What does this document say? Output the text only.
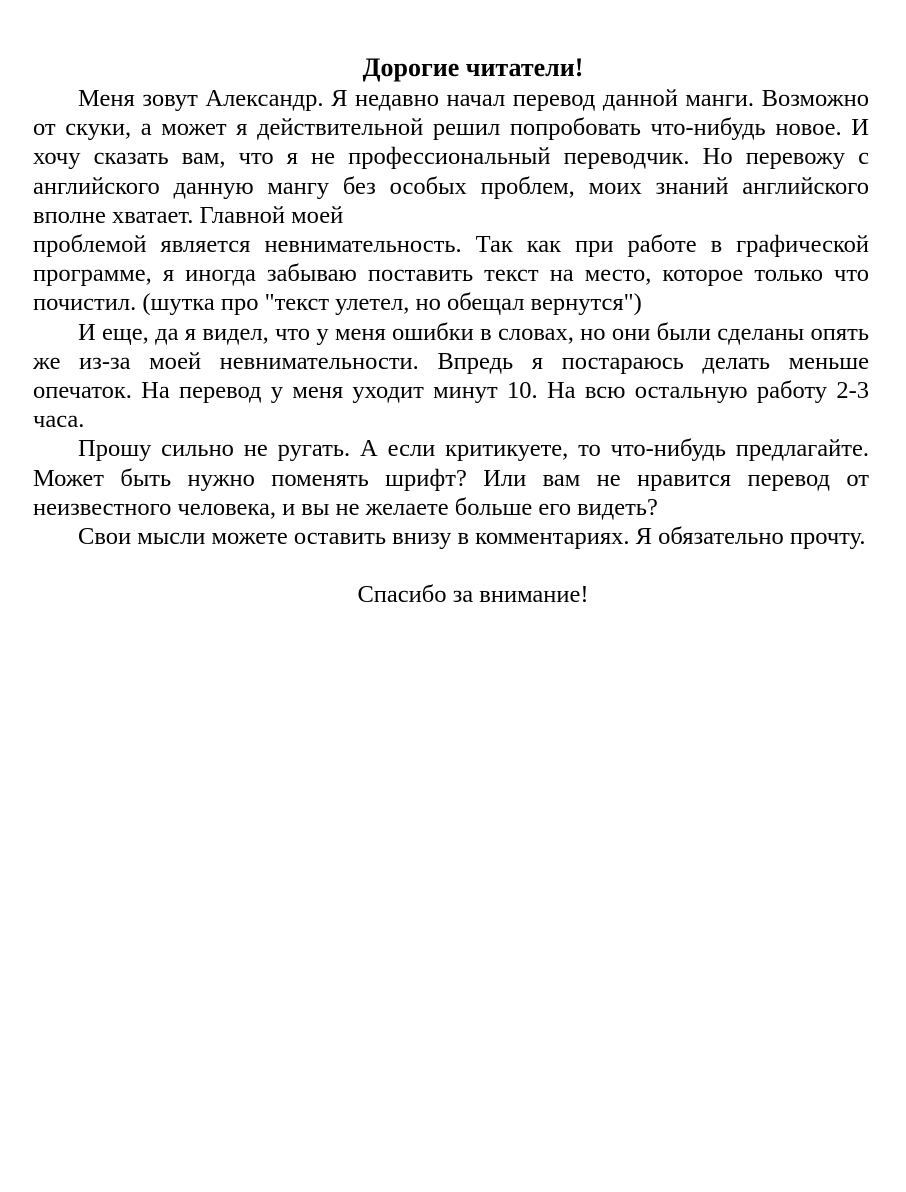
Дорогие читатели!

Меня зовут Александр. Я недавно начал перевод данной манги. Возможно от скуки, а может я действительной решил попробовать что-нибудь новое. И хочу сказать вам, что я не профессиональный переводчик. Но перевожу с английского данную мангу без особых проблем, моих знаний английского вполне хватает. Главной моей

проблемой является невнимательность. Так как при работе в графической программе, я иногда забываю поставить текст на место, которое только что почистил. (шутка про "текст улетел, но обещал вернутся")

И еще, да я видел, что у меня ошибки в словах, но они были сделаны опять же из-за моей невнимательности. Впредь я постараюсь делать меньше опечаток. На перевод у меня уходит минут 10. На всю остальную работу 2-3 часа.

Прошу сильно не ругать. А если критикуете, то что-нибудь предлагайте. Может быть нужно поменять шрифт? Или вам не нравится перевод от неизвестного человека, и вы не желаете больше его видеть?

Свои мысли можете оставить внизу в комментариях. Я обязательно прочту.

Спасибо за внимание!
